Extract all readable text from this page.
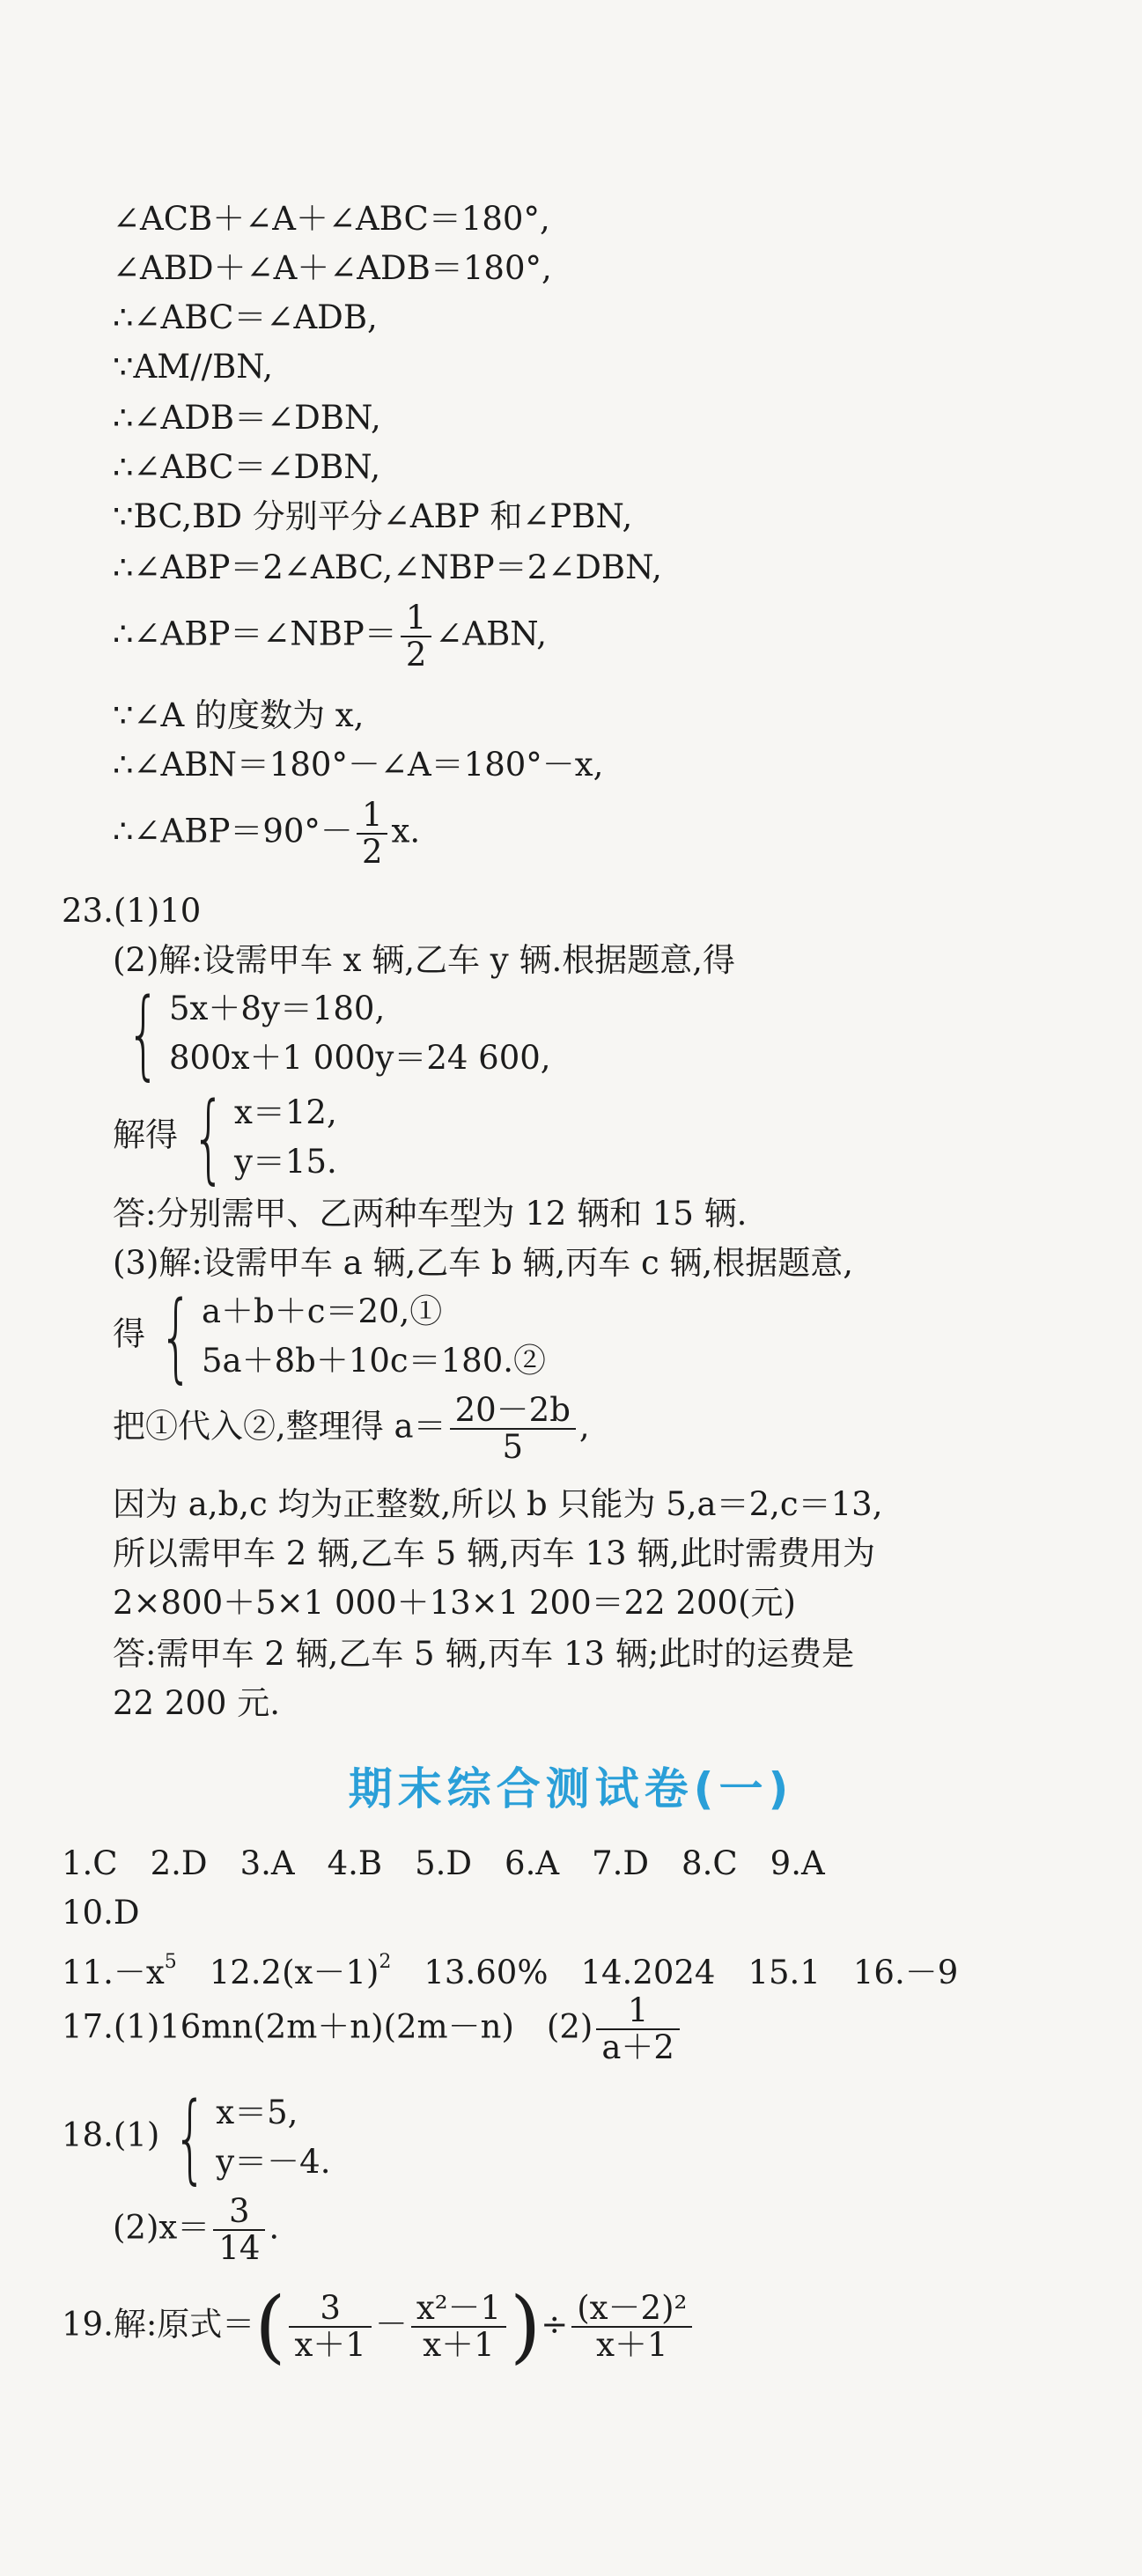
∠ACB＋∠A＋∠ABC＝180°,
∠ABD＋∠A＋∠ADB＝180°,
∴∠ABC＝∠ADB,
∵AM//BN,
∴∠ADB＝∠DBN,
∴∠ABC＝∠DBN,
∵BC,BD 分别平分∠ABP 和∠PBN,
∴∠ABP＝2∠ABC,∠NBP＝2∠DBN,
∴∠ABP＝∠NBP＝ $\frac{1}{2}$ ∠ABN,
∵∠A 的度数为 x,
∴∠ABN＝180°－∠A＝180°－x,
∴∠ABP＝90°－ $\frac{1}{2} x$.
23.(1)10
(2)解:设需甲车 x 辆,乙车 y 辆.根据题意,得
{ 5x＋8y＝180,
800x＋1 000y＝24 600,
解得 { x＝12,
y＝15.
答:分别需甲、乙两种车型为 12 辆和 15 辆.
(3)解:设需甲车 a 辆,乙车 b 辆,丙车 c 辆,根据题意,
得 { a＋b＋c＝20,①
5a＋8b＋10c＝180.②
把①代入②,整理得 $a= \frac{20-2b}{5}$ ,
因为 a,b,c 均为正整数,所以 b 只能为 5,a＝2,c＝13,
所以需甲车 2 辆,乙车 5 辆,丙车 13 辆,此时需费用为
2×800＋5×1 000＋13×1 200＝22 200(元)
答:需甲车 2 辆,乙车 5 辆,丙车 13 辆;此时的运费是
22 200 元.
期末综合测试卷(一)
1.C　2.D　3.A　4.B　5.D　6.A　7.D　8.C　9.A
10.D
$11.-x^5$　 $12.2(x-1)^2$　 13.60%　14.2024　15.1　16.－9
17.(1)16mn(2m＋n)(2m－n)　$(2) \frac{1}{a+2}$
18.(1) { x＝5,
y＝－4.
$(2)x= \frac{3}{14}$ .
19.解:原式＝( $\frac{3}{x+1} - \frac{\text{x²－1}}{x+1}$ )÷ $\frac{\text{(x－2)²}}{x+1}$
